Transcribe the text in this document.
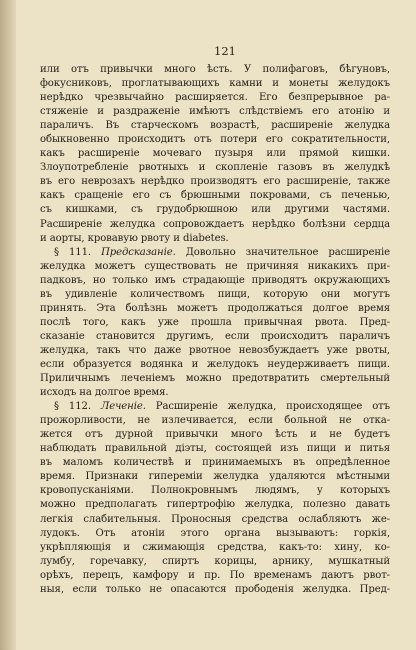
121
или отъ привычки много ѣсть. У полифаговъ, бѣгуновъ,
фокусниковъ, проглатывающихъ камни и монеты желудокъ
нерѣдко чрезвычайно расширяется. Его безпрерывное ра-
стяженіе и раздраженіе имѣютъ слѣдствіемъ его атонію и
параличъ. Въ старческомъ возрастѣ, расширеніе желудка
обыкновенно происходитъ отъ потери его сократительности,
какъ расширеніе мочеваго пузыря или прямой кишки.
Злоупотребленіе рвотныхъ и скопленіе газовъ въ желудкѣ
въ его неврозахъ нерѣдко производятъ его расширеніе, также
какъ сращеніе его съ брюшными покровами, съ печенью,
съ кишками, съ грудобрюшною или другими частями.
Расширеніе желудка сопровождаетъ нерѣдко болѣзни сердца
и аорты, кровавую рвоту и diabetes.
§ 111. Предсказаніе. Довольно значительное расширеніе
желудка можетъ существовать не причиняя никакихъ при-
падковъ, но только имъ страдающіе приводятъ окружающихъ
въ удивленіе количествомъ пищи, которую они могутъ
принять. Эта болѣзнь можетъ продолжаться долгое время
послѣ того, какъ уже прошла привычная рвота. Пред-
сказаніе становится другимъ, если происходитъ параличъ
желудка, такъ что даже рвотное невозбуждаетъ уже рвоты,
если образуется водянка и желудокъ неудерживаетъ пищи.
Приличнымъ леченіемъ можно предотвратить смертельный
исходъ на долгое время.
§ 112. Леченіе. Расширеніе желудка, происходящее отъ
прожорливости, не излечивается, если больной не отка-
жется отъ дурной привычки много ѣсть и не будетъ
наблюдать правильной діэты, состоящей изъ пищи и питья
въ маломъ количествѣ и принимаемыхъ въ опредѣленное
время. Признаки гипереміи желудка удаляются мѣстными
кровопусканіями. Полнокровнымъ людямъ, у которыхъ
можно предполагать гипертрофію желудка, полезно давать
легкія слабительныя. Проносныя средства ослабляютъ же-
лудокъ. Отъ атоніи этого органа вызываютъ: горкія,
укрѣпляющія и сжимающія средства, какъ-то: хину, ко-
лумбу, горечавку, спиртъ корицы, арнику, мушкатный
орѣхъ, перецъ, камфору и пр. По временамъ даютъ рвот-
ныя, если только не опасаются прободенія желудка. Пред-
